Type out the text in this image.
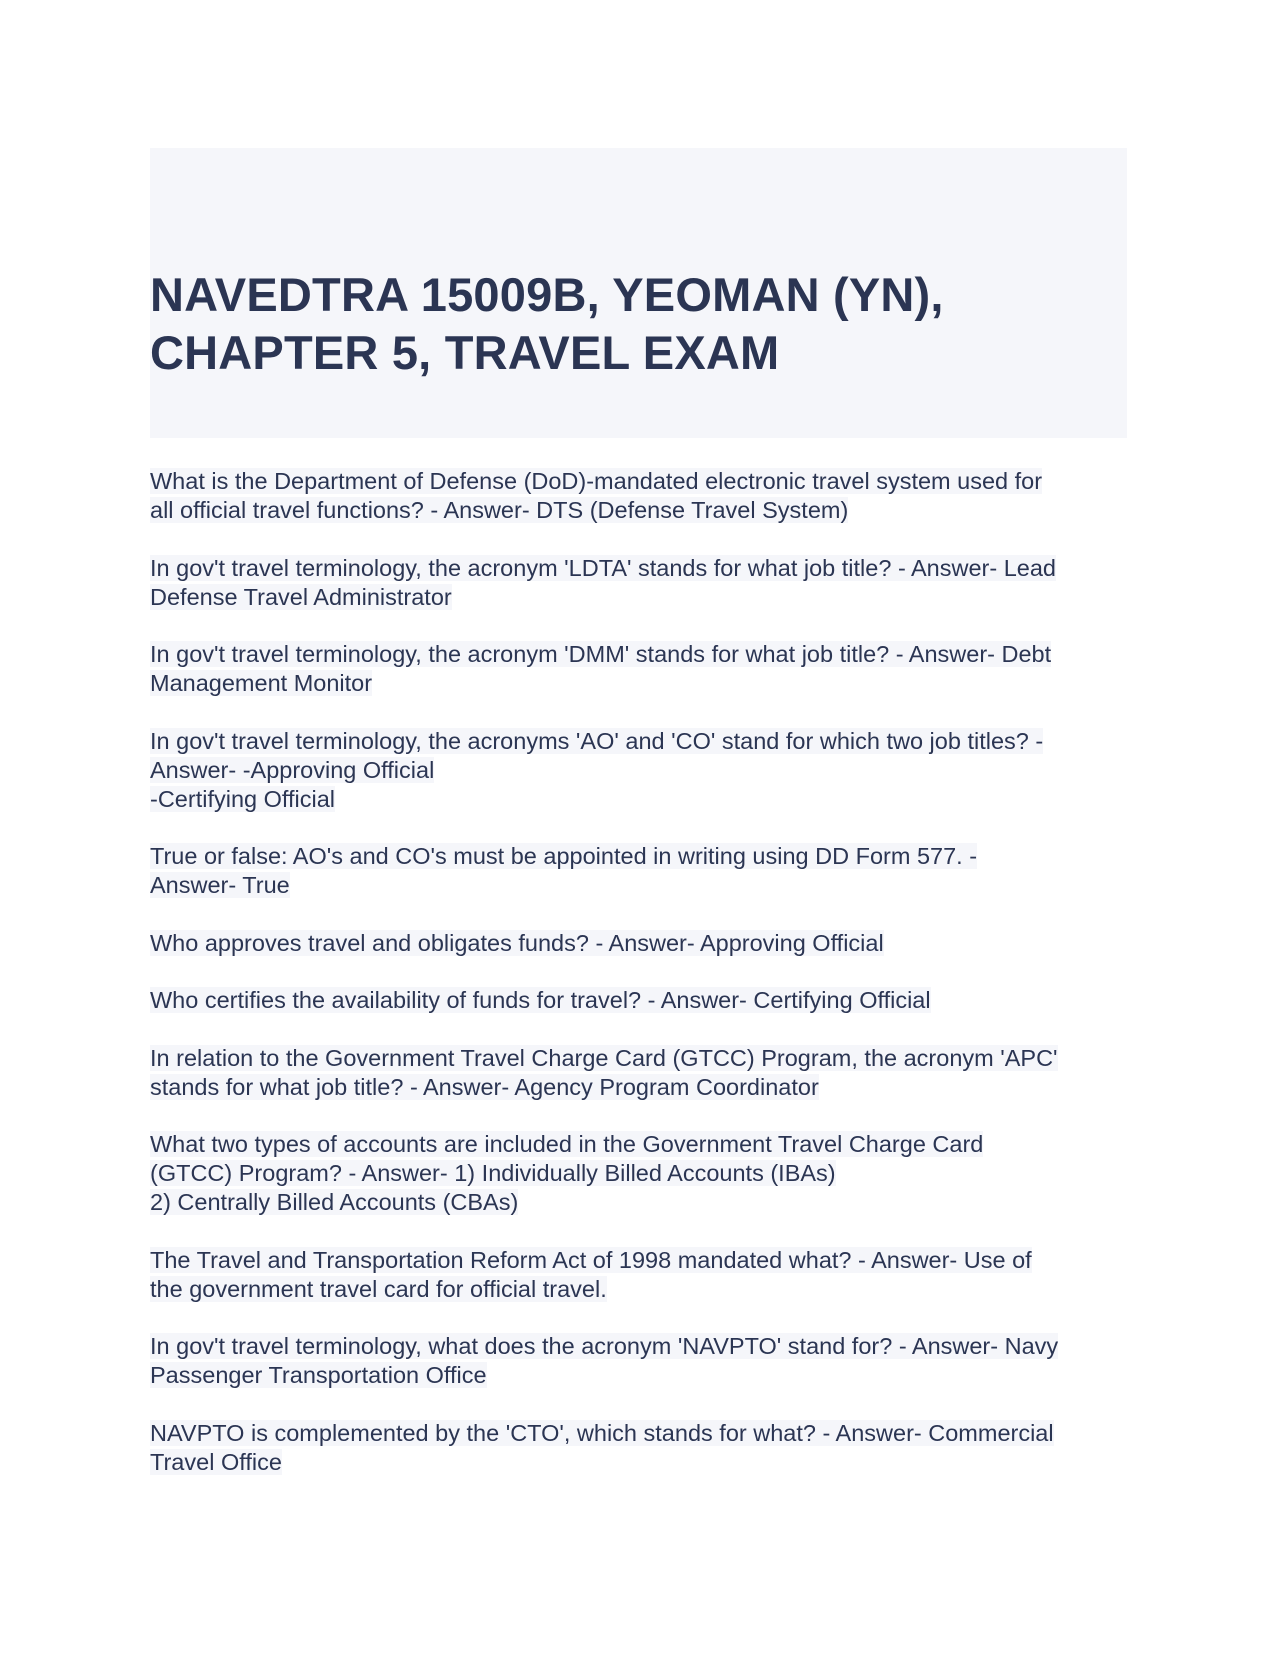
NAVEDTRA 15009B, YEOMAN (YN),
CHAPTER 5, TRAVEL EXAM

What is the Department of Defense (DoD)-mandated electronic travel system used for
all official travel functions? - Answer- DTS (Defense Travel System)

In gov't travel terminology, the acronym 'LDTA' stands for what job title? - Answer- Lead
Defense Travel Administrator

In gov't travel terminology, the acronym 'DMM' stands for what job title? - Answer- Debt
Management Monitor

In gov't travel terminology, the acronyms 'AO' and 'CO' stand for which two job titles? -
Answer- -Approving Official
-Certifying Official

True or false: AO's and CO's must be appointed in writing using DD Form 577. -
Answer- True

Who approves travel and obligates funds? - Answer- Approving Official

Who certifies the availability of funds for travel? - Answer- Certifying Official

In relation to the Government Travel Charge Card (GTCC) Program, the acronym 'APC'
stands for what job title? - Answer- Agency Program Coordinator

What two types of accounts are included in the Government Travel Charge Card
(GTCC) Program? - Answer- 1) Individually Billed Accounts (IBAs)
2) Centrally Billed Accounts (CBAs)

The Travel and Transportation Reform Act of 1998 mandated what? - Answer- Use of
the government travel card for official travel.

In gov't travel terminology, what does the acronym 'NAVPTO' stand for? - Answer- Navy
Passenger Transportation Office

NAVPTO is complemented by the 'CTO', which stands for what? - Answer- Commercial
Travel Office
